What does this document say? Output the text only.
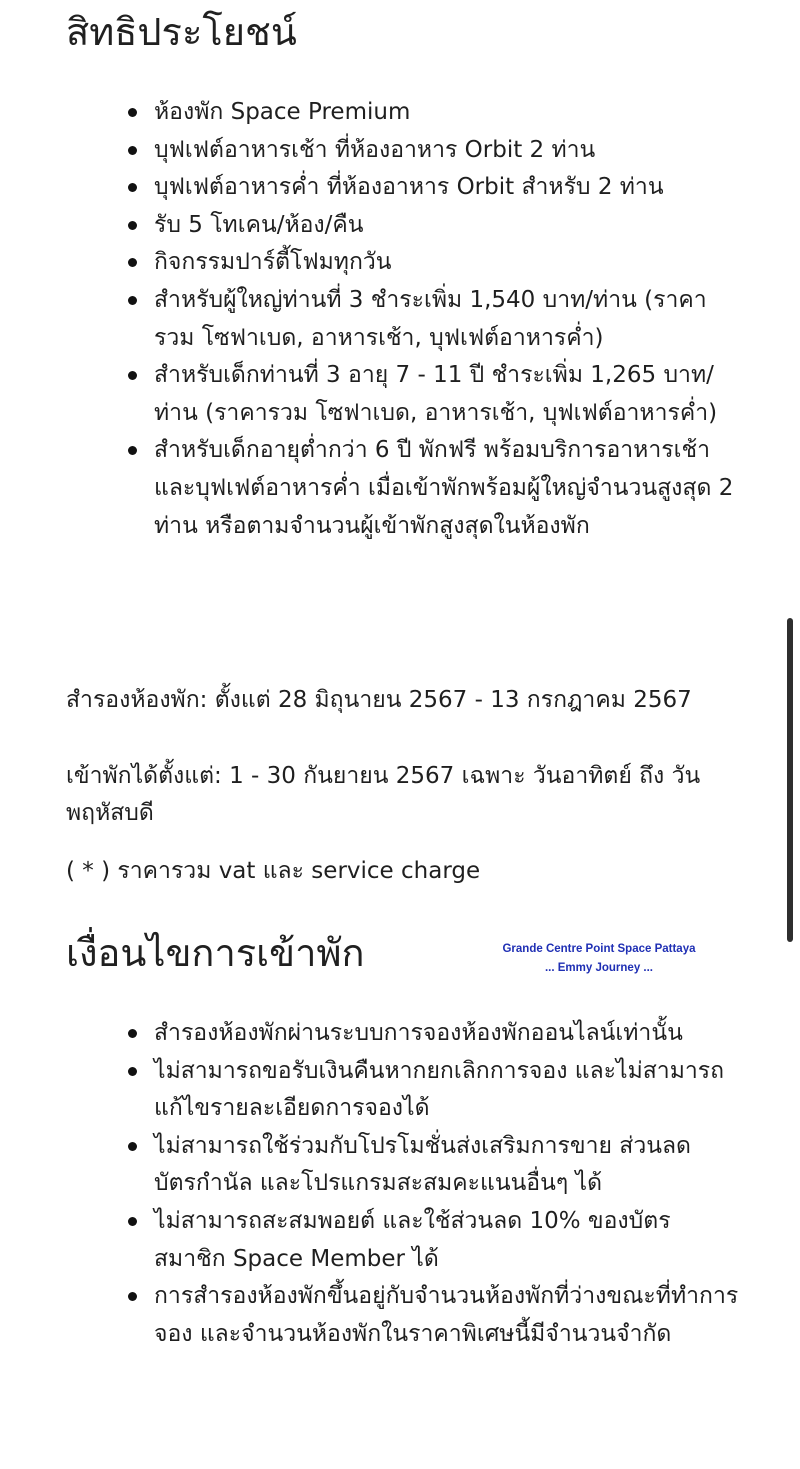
สิทธิประโยชน์
ห้องพัก Space Premium
บุฟเฟต์อาหารเช้า ที่ห้องอาหาร Orbit 2 ท่าน
บุฟเฟต์อาหารค่ำ ที่ห้องอาหาร Orbit สำหรับ 2 ท่าน
รับ 5 โทเคน/ห้อง/คืน
กิจกรรมปาร์ตี้โฟมทุกวัน
สำหรับผู้ใหญ่ท่านที่ 3 ชำระเพิ่ม 1,540 บาท/ท่าน (ราคารวม โซฟาเบด, อาหารเช้า, บุฟเฟต์อาหารค่ำ)
สำหรับเด็กท่านที่ 3 อายุ 7 - 11 ปี ชำระเพิ่ม 1,265 บาท/ท่าน (ราคารวม โซฟาเบด, อาหารเช้า, บุฟเฟต์อาหารค่ำ)
สำหรับเด็กอายุต่ำกว่า 6 ปี พักฟรี พร้อมบริการอาหารเช้าและบุฟเฟต์อาหารค่ำ เมื่อเข้าพักพร้อมผู้ใหญ่จำนวนสูงสุด 2 ท่าน หรือตามจำนวนผู้เข้าพักสูงสุดในห้องพัก

สำรองห้องพัก: ตั้งแต่ 28 มิถุนายน 2567 - 13 กรกฎาคม 2567

เข้าพักได้ตั้งแต่: 1 - 30 กันยายน 2567 เฉพาะ วันอาทิตย์ ถึง วันพฤหัสบดี

( * ) ราคารวม vat และ service charge

เงื่อนไขการเข้าพัก	Grande Centre Point Space Pattaya
... Emmy Journey ...
สำรองห้องพักผ่านระบบการจองห้องพักออนไลน์เท่านั้น
ไม่สามารถขอรับเงินคืนหากยกเลิกการจอง และไม่สามารถแก้ไขรายละเอียดการจองได้
ไม่สามารถใช้ร่วมกับโปรโมชั่นส่งเสริมการขาย ส่วนลด บัตรกำนัล และโปรแกรมสะสมคะแนนอื่นๆ ได้
ไม่สามารถสะสมพอยต์ และใช้ส่วนลด 10% ของบัตรสมาชิก Space Member ได้
การสำรองห้องพักขึ้นอยู่กับจำนวนห้องพักที่ว่างขณะที่ทำการจอง และจำนวนห้องพักในราคาพิเศษนี้มีจำนวนจำกัด
